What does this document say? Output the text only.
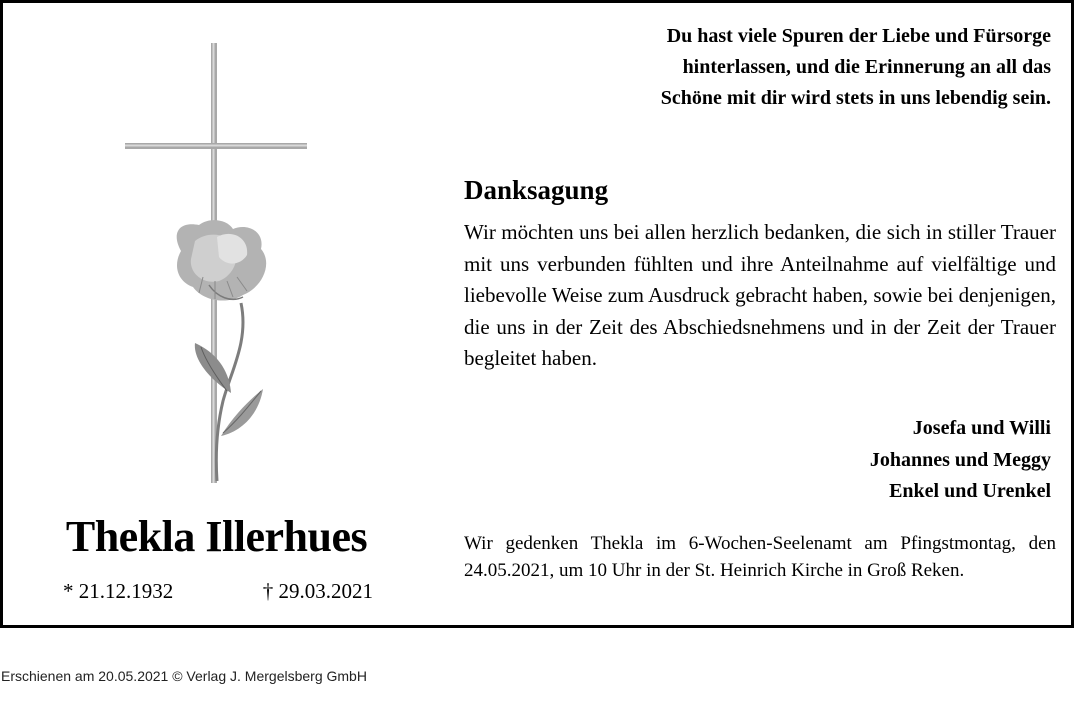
Du hast viele Spuren der Liebe und Fürsorge
hinterlassen, und die Erinnerung an all das
Schöne mit dir wird stets in uns lebendig sein.
Danksagung
Wir möchten uns bei allen herzlich bedanken, die sich in stiller Trauer mit uns verbunden fühlten und ihre Anteilnahme auf vielfältige und liebevolle Weise zum Ausdruck gebracht haben, sowie bei denjenigen, die uns in der Zeit des Abschiedsnehmens und in der Zeit der Trauer begleitet haben.
Josefa und Willi
Johannes und Meggy
Enkel und Urenkel
Wir gedenken Thekla im 6-Wochen-Seelenamt am Pfingstmontag, den 24.05.2021, um 10 Uhr in der St. Heinrich Kirche in Groß Reken.
Thekla Illerhues
* 21.12.1932	† 29.03.2021
Erschienen am 20.05.2021 © Verlag J. Mergelsberg GmbH
